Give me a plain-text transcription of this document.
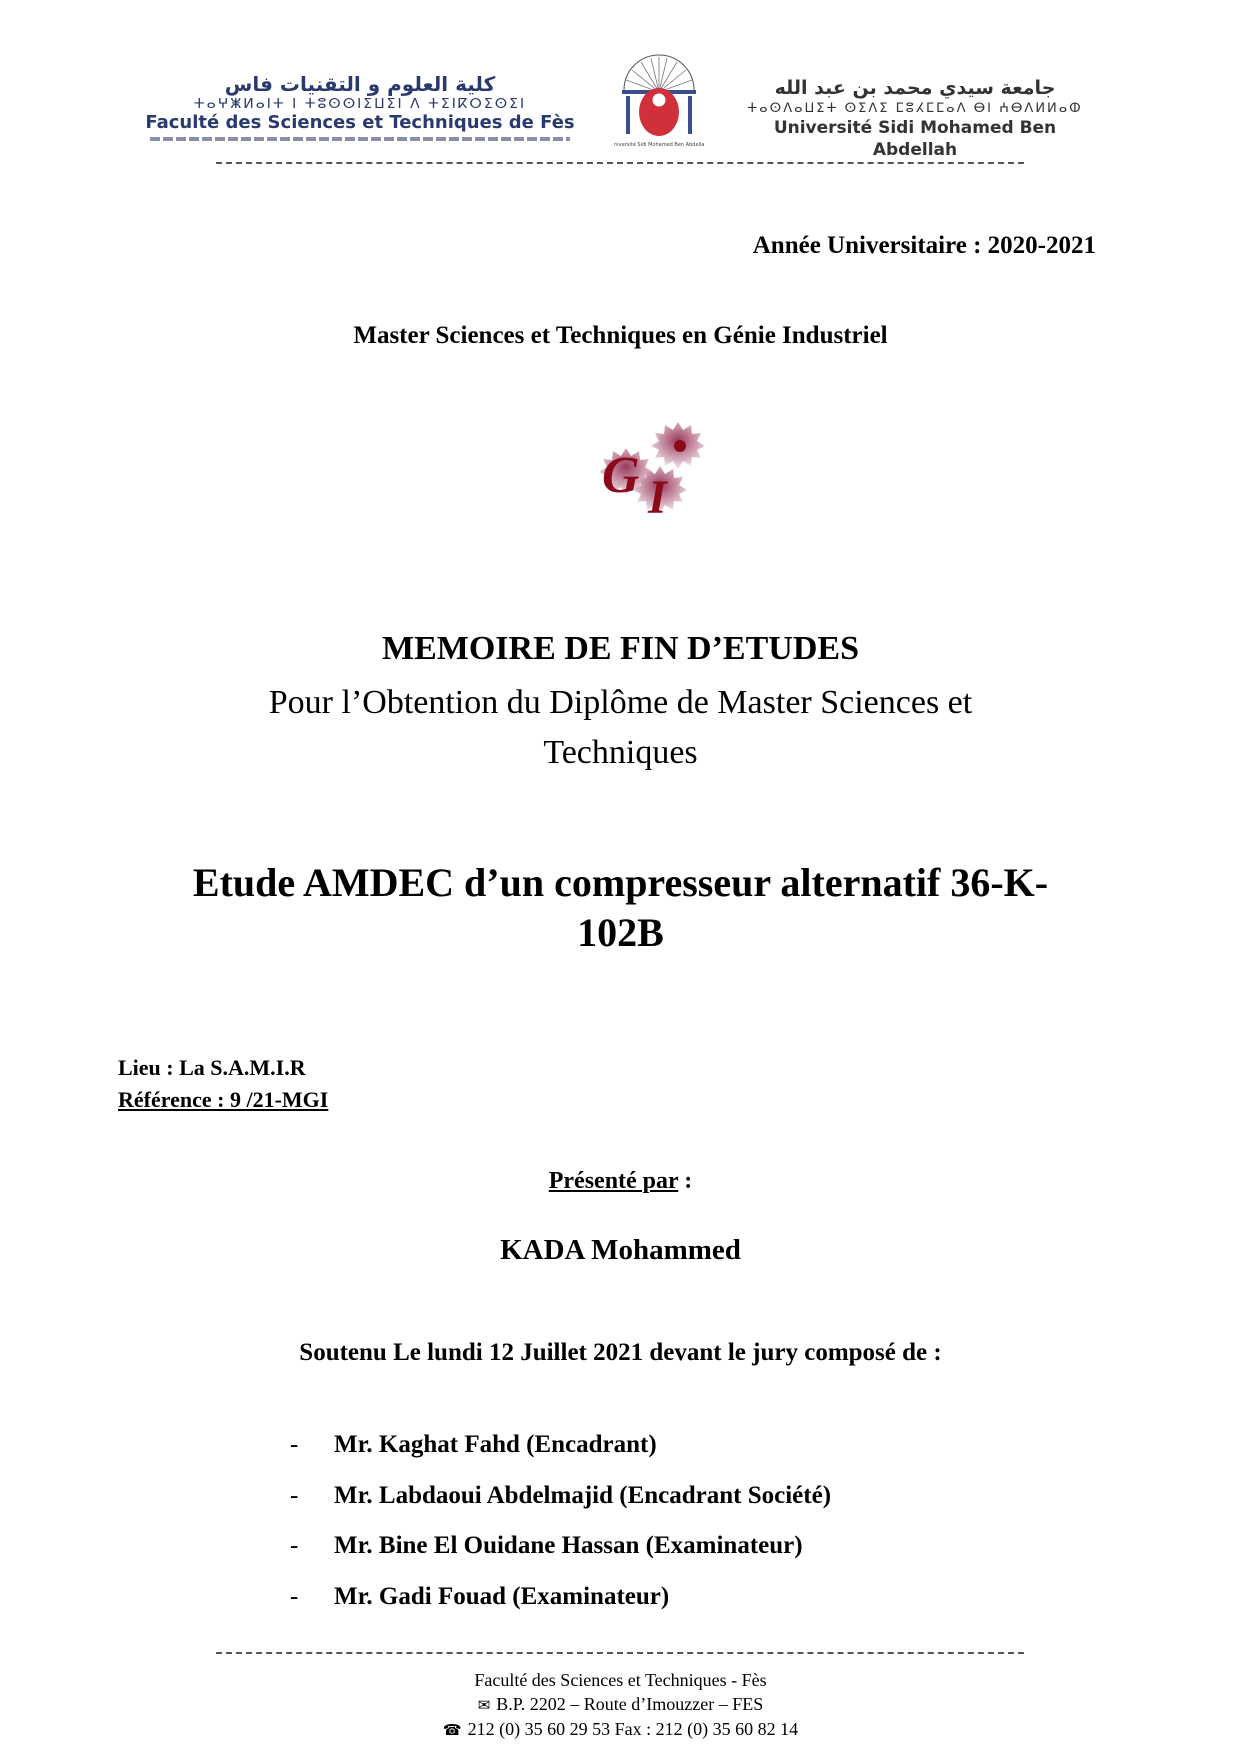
كلية العلوم و التقنيات فاس
ⵜⴰⵖⵥⵍⴰⵏⵜ ⵏ ⵜⵓⵙⵙⵏⵉⵡⵉⵏ ⴷ ⵜⵉⵏⴽⵔⵉⵙⵉⵏ
Faculté des Sciences et Techniques de Fès
Université Sidi Mohamed Ben Abdellah
جامعة سيدي محمد بن عبد الله
ⵜⴰⵙⴷⴰⵡⵉⵜ ⵙⵉⴷⵉ ⵎⵓⵃⵎⵎⴰⴷ ⴱⵏ ⵄⴱⴷⵍⵍⴰⵀ
Université Sidi Mohamed Ben Abdellah
Année Universitaire : 2020-2021
Master Sciences et Techniques en Génie Industriel
G I
MEMOIRE DE FIN D’ETUDES
Pour l’Obtention du Diplôme de Master Sciences et
Techniques
Etude AMDEC d’un compresseur alternatif 36-K-
102B
Lieu : La S.A.M.I.R
Référence : 9 /21-MGI
Présenté par :
KADA Mohammed
Soutenu Le lundi 12 Juillet 2021 devant le jury composé de :
-	Mr. Kaghat Fahd (Encadrant)
-	Mr. Labdaoui Abdelmajid (Encadrant Société)
-	Mr. Bine El Ouidane Hassan (Examinateur)
-	Mr. Gadi Fouad (Examinateur)
Faculté des Sciences et Techniques - Fès
✉ B.P. 2202 – Route d’Imouzzer – FES
☎ 212 (0) 35 60 29 53 Fax : 212 (0) 35 60 82 14
